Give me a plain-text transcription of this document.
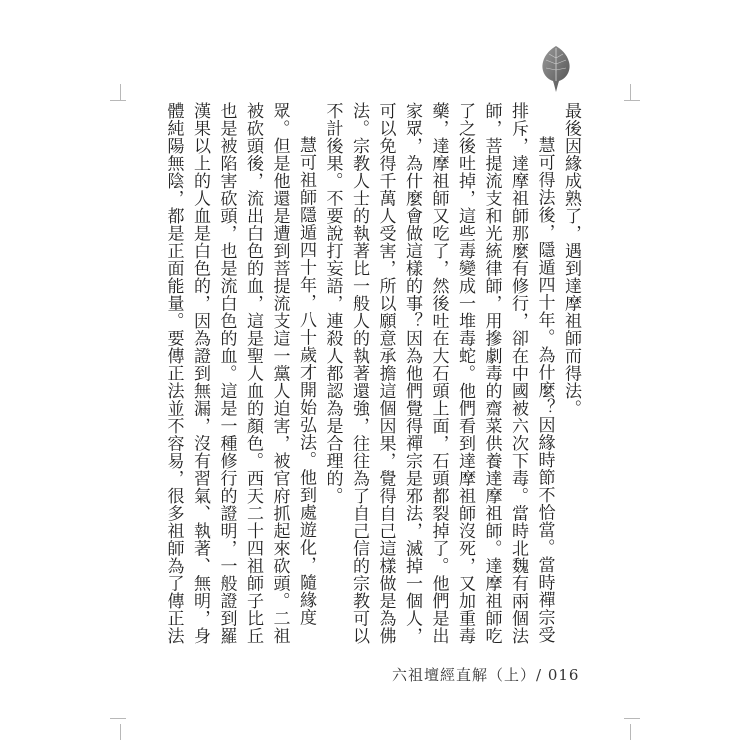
最後因緣成熟了，遇到達摩祖師而得法。

慧可得法後，隱遁四十年。為什麼？因緣時節不恰當。當時禪宗受排斥，達摩祖師那麼有修行，卻在中國被六次下毒。當時北魏有兩個法師，菩提流支和光統律師，用摻劇毒的齋菜供養達摩祖師。達摩祖師吃了之後吐掉，這些毒變成一堆毒蛇。他們看到達摩祖師沒死，又加重毒藥，達摩祖師又吃了，然後吐在大石頭上面，石頭都裂掉了。他們是出家眾，為什麼會做這樣的事？因為他們覺得禪宗是邪法，滅掉一個人，可以免得千萬人受害，所以願意承擔這個因果，覺得自己這樣做是為佛法。宗教人士的執著比一般人的執著還強，往往為了自己信的宗教可以不計後果。不要說打妄語，連殺人都認為是合理的。

慧可祖師隱遁四十年，八十歲才開始弘法。他到處遊化，隨緣度眾。但是他還是遭到菩提流支這一黨人迫害，被官府抓起來砍頭。二祖被砍頭後，流出白色的血，這是聖人血的顏色。西天二十四祖師子比丘也是被陷害砍頭，也是流白色的血。這是一種修行的證明，一般證到羅漢果以上的人血是白色的，因為證到無漏，沒有習氣、執著、無明，身體純陽無陰，都是正面能量。要傳正法並不容易，很多祖師為了傳正法

六祖壇經直解（上）/ 016
